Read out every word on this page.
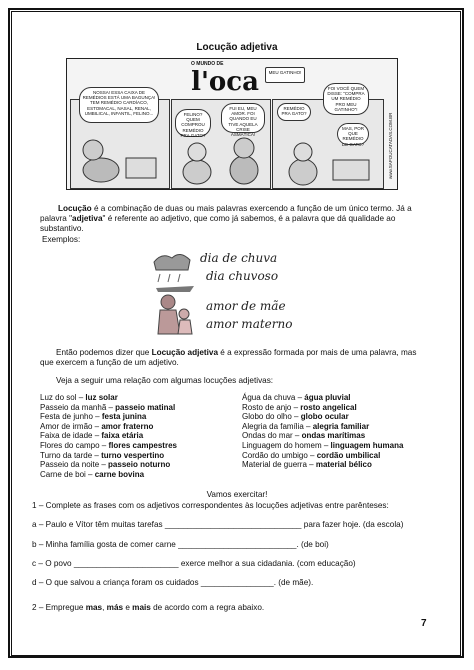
Locução adjetiva
O MUNDO DE
l'oca	MEU GATINHO!
NOSSA! ESSA CAIXA DE REMÉDIOS ESTÁ UMA BAGUNÇA! TEM REMÉDIO CARDÍACO, ESTOMACAL, NASAL, RENAL, UMBILICAL, INFANTIL, FELINO...	FELINO? QUEM COMPROU REMÉDIO PRA GATO?
FUI EU, MEU AMOR. FOI QUANDO EU TIVE AQUELA CRISE ASMÁTICA!
FOI VOCÊ QUEM DISSE: "COMPRA UM REMÉDIO PRO MEU GATINHO"!
REMÉDIO PRA GATO?
MAS, POR QUE REMÉDIO DE GATO?	www.SAPOUCATADAS.COM.BR
Locução é a combinação de duas ou mais palavras exercendo a função de um único termo. Já a palavra "adjetiva" é referente ao adjetivo, que como já sabemos, é a palavra que dá qualidade ao substantivo.
Exemplos:
dia de chuva
dia chuvoso
amor de mãe
amor materno
Então podemos dizer que Locução adjetiva é a expressão formada por mais de uma palavra, mas que exercem a função de um adjetivo.
Veja a seguir uma relação com algumas locuções adjetivas:
Luz do sol – luz solar
Passeio da manhã – passeio matinal
Festa de junho – festa junina
Amor de irmão – amor fraterno
Faixa de idade – faixa etária
Flores do campo – flores campestres
Turno da tarde – turno vespertino
Passeio da noite – passeio noturno
Carne de boi – carne bovina
Água da chuva – água pluvial
Rosto de anjo – rosto angelical
Globo do olho – globo ocular
Alegria da família – alegria familiar
Ondas do mar – ondas marítimas
Linguagem do homem – linguagem humana
Cordão do umbigo – cordão umbilical
Material de guerra – material bélico
Vamos exercitar!
1 – Complete as frases com os adjetivos correspondentes às locuções adjetivas entre parênteses:
a – Paulo e Vítor têm muitas tarefas ______________________________ para fazer hoje. (da escola)
b – Minha família gosta de comer carne __________________________. (de boi)
c – O povo _______________________ exerce melhor a sua cidadania. (com educação)
d – O que salvou a criança foram os cuidados ________________. (de mãe).
2 – Empregue mas, más e mais de acordo com a regra abaixo.
7
